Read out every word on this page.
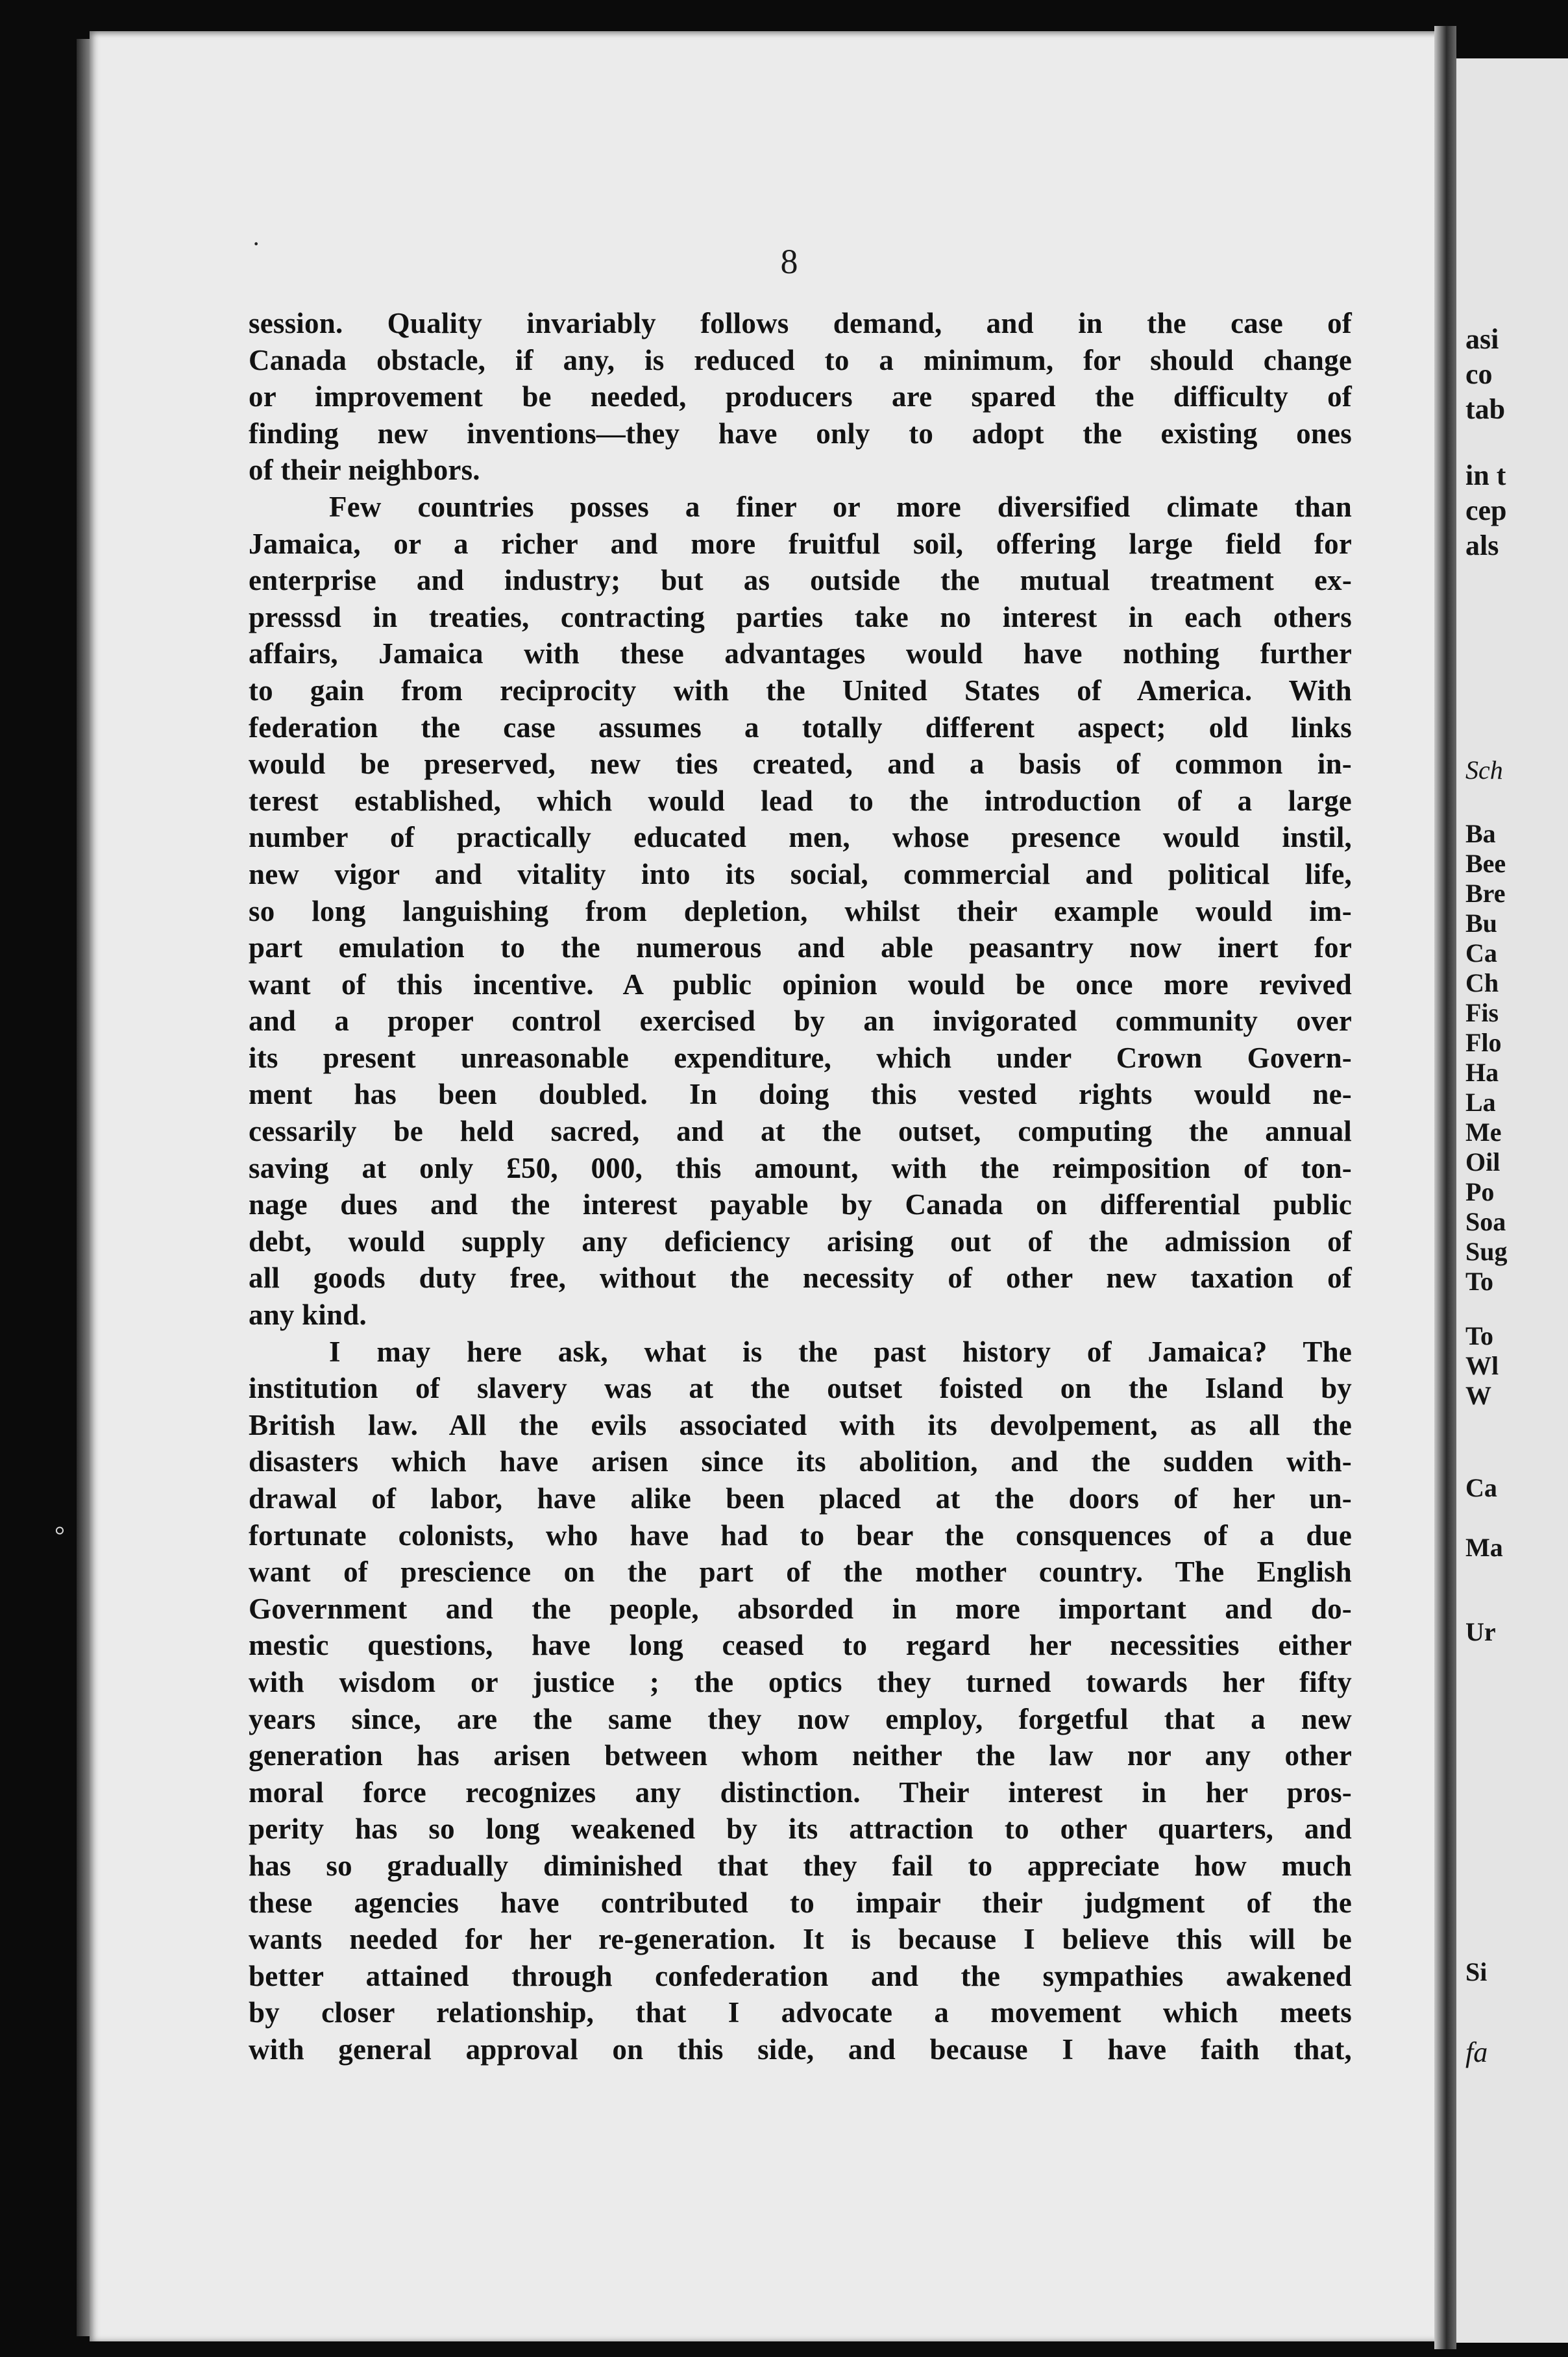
asi
co
tab
in t
cep
als
Sch
Ba
Bee
Bre
Bu
Ca
Ch
Fis
Flo
Ha
La
Me
Oil
Po
Soa
Sug
To
To
Wl
W
Ca
Ma
Ur
Si
fa
8
·
°
session. Quality invariably follows demand, and in the case of
Canada obstacle, if any, is reduced to a minimum, for should change
or improvement be needed, producers are spared the difficulty of
finding new inventions—they have only to adopt the existing ones
of their neighbors.
Few countries posses a finer or more diversified climate than
Jamaica, or a richer and more fruitful soil, offering large field for
enterprise and industry; but as outside the mutual treatment ex-
presssd in treaties, contracting parties take no interest in each others
affairs, Jamaica with these advantages would have nothing further
to gain from reciprocity with the United States of America. With
federation the case assumes a totally different aspect; old links
would be preserved, new ties created, and a basis of common in-
terest established, which would lead to the introduction of a large
number of practically educated men, whose presence would instil,
new vigor and vitality into its social, commercial and political life,
so long languishing from depletion, whilst their example would im-
part emulation to the numerous and able peasantry now inert for
want of this incentive. A public opinion would be once more revived
and a proper control exercised by an invigorated community over
its present unreasonable expenditure, which under Crown Govern-
ment has been doubled. In doing this vested rights would ne-
cessarily be held sacred, and at the outset, computing the annual
saving at only £50, 000, this amount, with the reimposition of ton-
nage dues and the interest payable by Canada on differential public
debt, would supply any deficiency arising out of the admission of
all goods duty free, without the necessity of other new taxation of
any kind.
I may here ask, what is the past history of Jamaica? The
institution of slavery was at the outset foisted on the Island by
British law. All the evils associated with its devolpement, as all the
disasters which have arisen since its abolition, and the sudden with-
drawal of labor, have alike been placed at the doors of her un-
fortunate colonists, who have had to bear the consquences of a due
want of prescience on the part of the mother country. The English
Government and the people, absorded in more important and do-
mestic questions, have long ceased to regard her necessities either
with wisdom or justice ; the optics they turned towards her fifty
years since, are the same they now employ, forgetful that a new
generation has arisen between whom neither the law nor any other
moral force recognizes any distinction. Their interest in her pros-
perity has so long weakened by its attraction to other quarters, and
has so gradually diminished that they fail to appreciate how much
these agencies have contributed to impair their judgment of the
wants needed for her re-generation. It is because I believe this will be
better attained through confederation and the sympathies awakened
by closer relationship, that I advocate a movement which meets
with general approval on this side, and because I have faith that,
